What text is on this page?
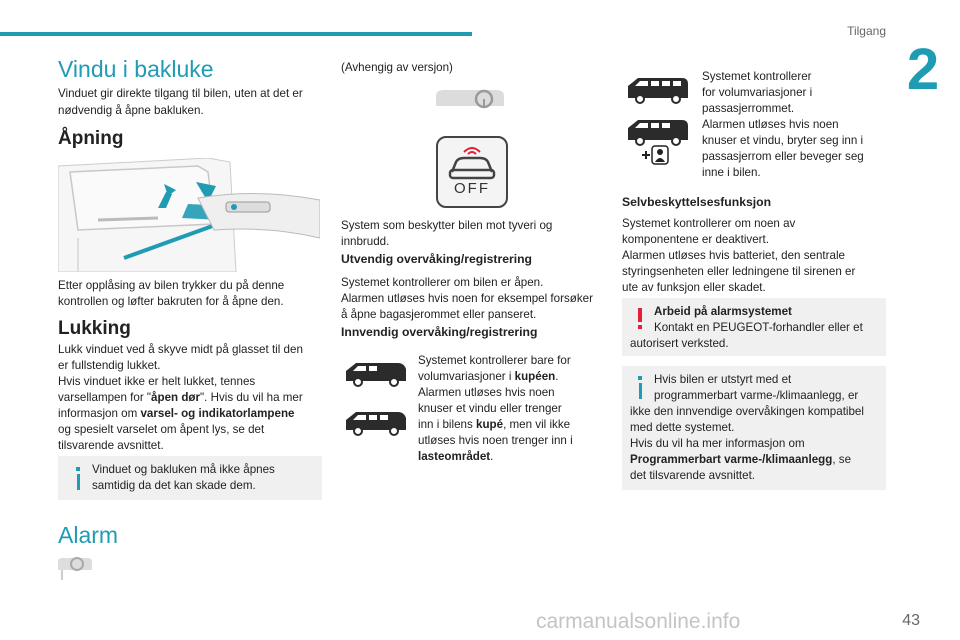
Tilgang
2
Vindu i bakluke

Vinduet gir direkte tilgang til bilen, uten at det er nødvendig å åpne bakluken.

Åpning

Etter opplåsing av bilen trykker du på denne

kontrollen og løfter bakruten for å åpne den.

Lukking

Lukk vinduet ved å skyve midt på glasset til den

er fullstendig lukket.

Hvis vinduet ikke er helt lukket, tennes

varsellampen for "åpen dør". Hvis du vil ha mer

informasjon om varsel- og indikatorlampene

og spesielt varselet om åpent lys, se det

tilsvarende avsnittet.

Vinduet og bakluken må ikke åpnes

samtidig da det kan skade dem.

Alarm

(Avhengig av versjon)

OFF

System som beskytter bilen mot tyveri og

innbrudd.

Utvendig overvåking/registrering

Systemet kontrollerer om bilen er åpen.

Alarmen utløses hvis noen for eksempel forsøker

å åpne bagasjerommet eller panseret.

Innvendig overvåking/registrering

Systemet kontrollerer bare for

volumvariasjoner i kupéen.

Alarmen utløses hvis noen

knuser et vindu eller trenger

inn i bilens kupé, men vil ikke

utløses hvis noen trenger inn i

lasteområdet.

Systemet kontrollerer

for volumvariasjoner i

passasjerrommet.

Alarmen utløses hvis noen

knuser et vindu, bryter seg inn i

passasjerrom eller beveger seg

inne i bilen.

Selvbeskyttelsesfunksjon

Systemet kontrollerer om noen av

komponentene er deaktivert.

Alarmen utløses hvis batteriet, den sentrale

styringsenheten eller ledningene til sirenen er

ute av funksjon eller skadet.

Arbeid på alarmsystemet

Kontakt en PEUGEOT-forhandler eller et

autorisert verksted.

Hvis bilen er utstyrt med et

programmerbart varme-/klimaanlegg, er

ikke den innvendige overvåkingen kompatibel

med dette systemet.

Hvis du vil ha mer informasjon om

Programmerbart varme-/klimaanlegg, se

det tilsvarende avsnittet.

carmanualsonline.info	43
